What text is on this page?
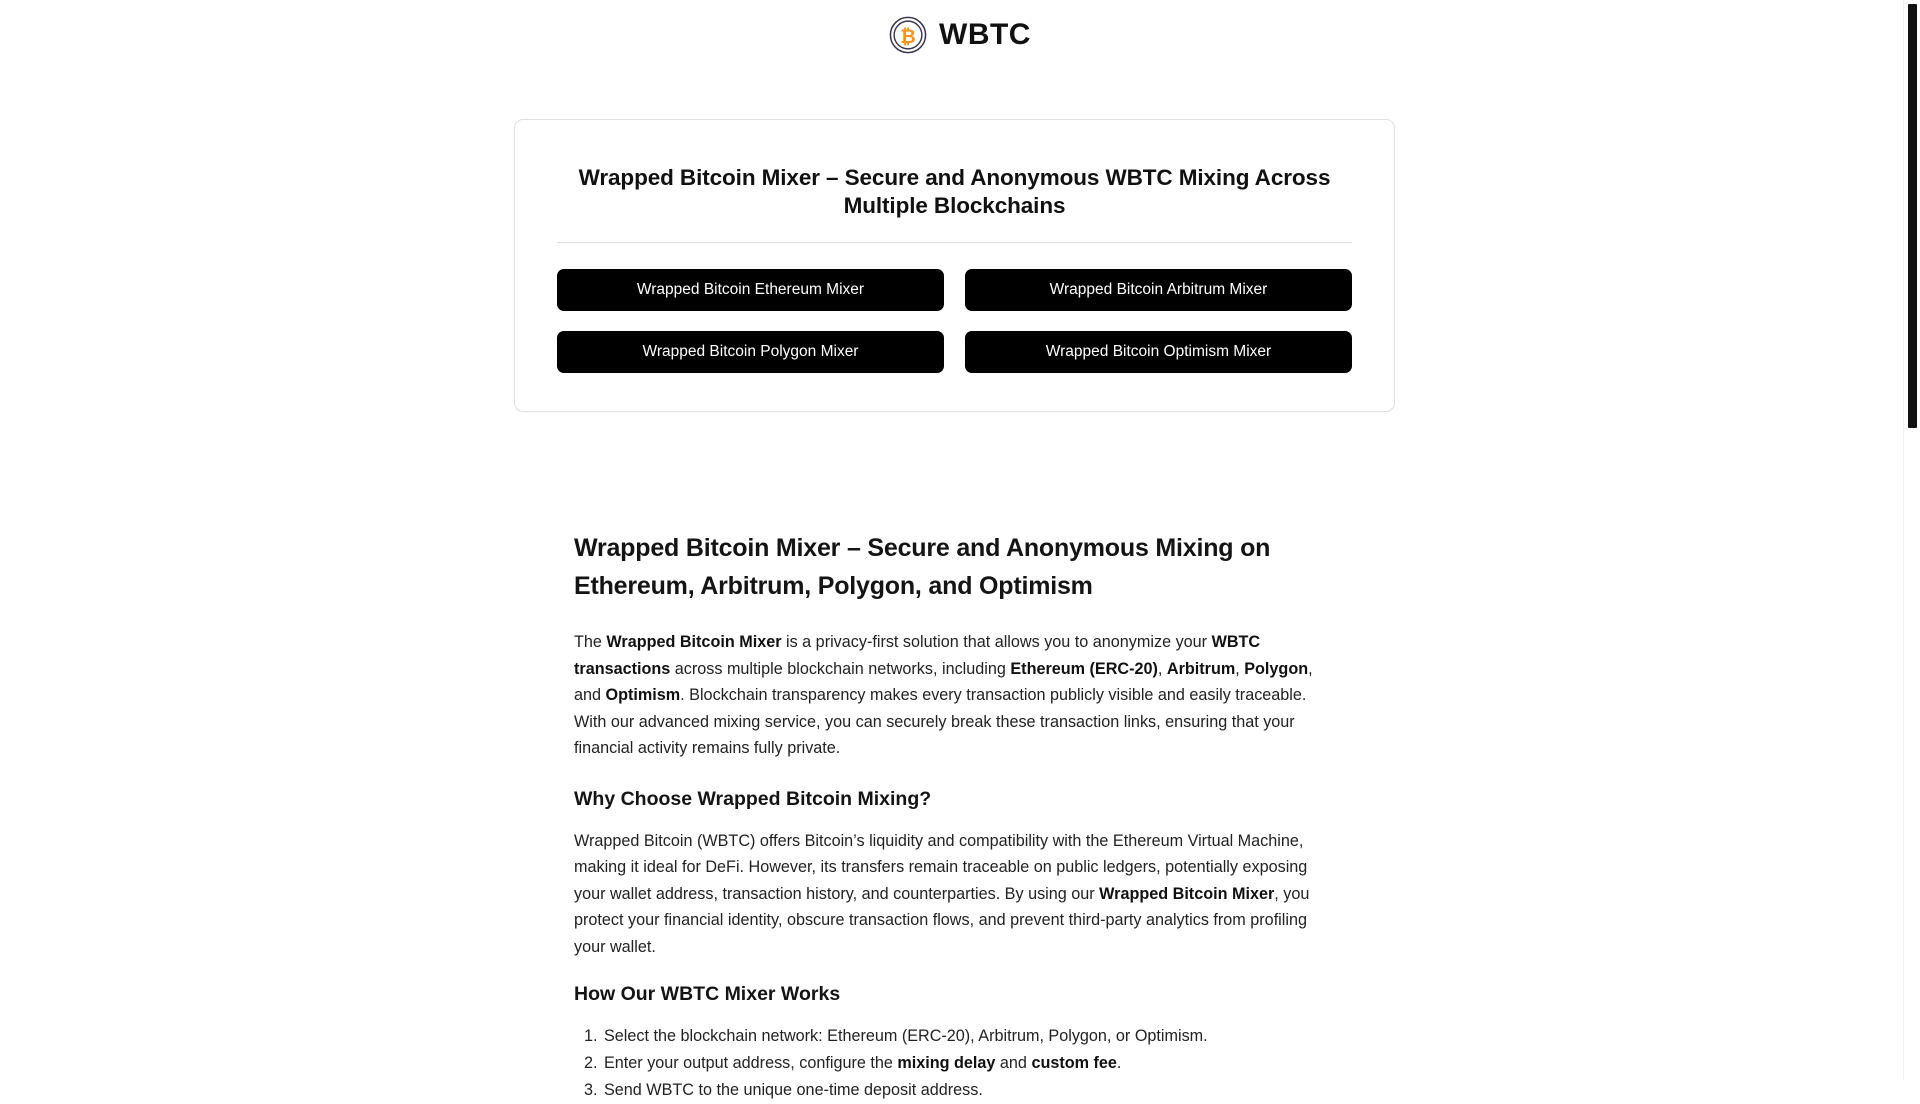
₿ WBTC
Wrapped Bitcoin Mixer – Secure and Anonymous WBTC Mixing Across Multiple Blockchains
Wrapped Bitcoin Ethereum Mixer	Wrapped Bitcoin Arbitrum Mixer
Wrapped Bitcoin Polygon Mixer	Wrapped Bitcoin Optimism Mixer
Wrapped Bitcoin Mixer – Secure and Anonymous Mixing on Ethereum, Arbitrum, Polygon, and Optimism

The Wrapped Bitcoin Mixer is a privacy-first solution that allows you to anonymize your WBTC transactions across multiple blockchain networks, including Ethereum (ERC-20), Arbitrum, Polygon, and Optimism. Blockchain transparency makes every transaction publicly visible and easily traceable. With our advanced mixing service, you can securely break these transaction links, ensuring that your financial activity remains fully private.

Why Choose Wrapped Bitcoin Mixing?

Wrapped Bitcoin (WBTC) offers Bitcoin’s liquidity and compatibility with the Ethereum Virtual Machine, making it ideal for DeFi. However, its transfers remain traceable on public ledgers, potentially exposing your wallet address, transaction history, and counterparties. By using our Wrapped Bitcoin Mixer, you protect your financial identity, obscure transaction flows, and prevent third-party analytics from profiling your wallet.

How Our WBTC Mixer Works
1. Select the blockchain network: Ethereum (ERC-20), Arbitrum, Polygon, or Optimism.
2. Enter your output address, configure the mixing delay and custom fee.
3. Send WBTC to the unique one-time deposit address.
